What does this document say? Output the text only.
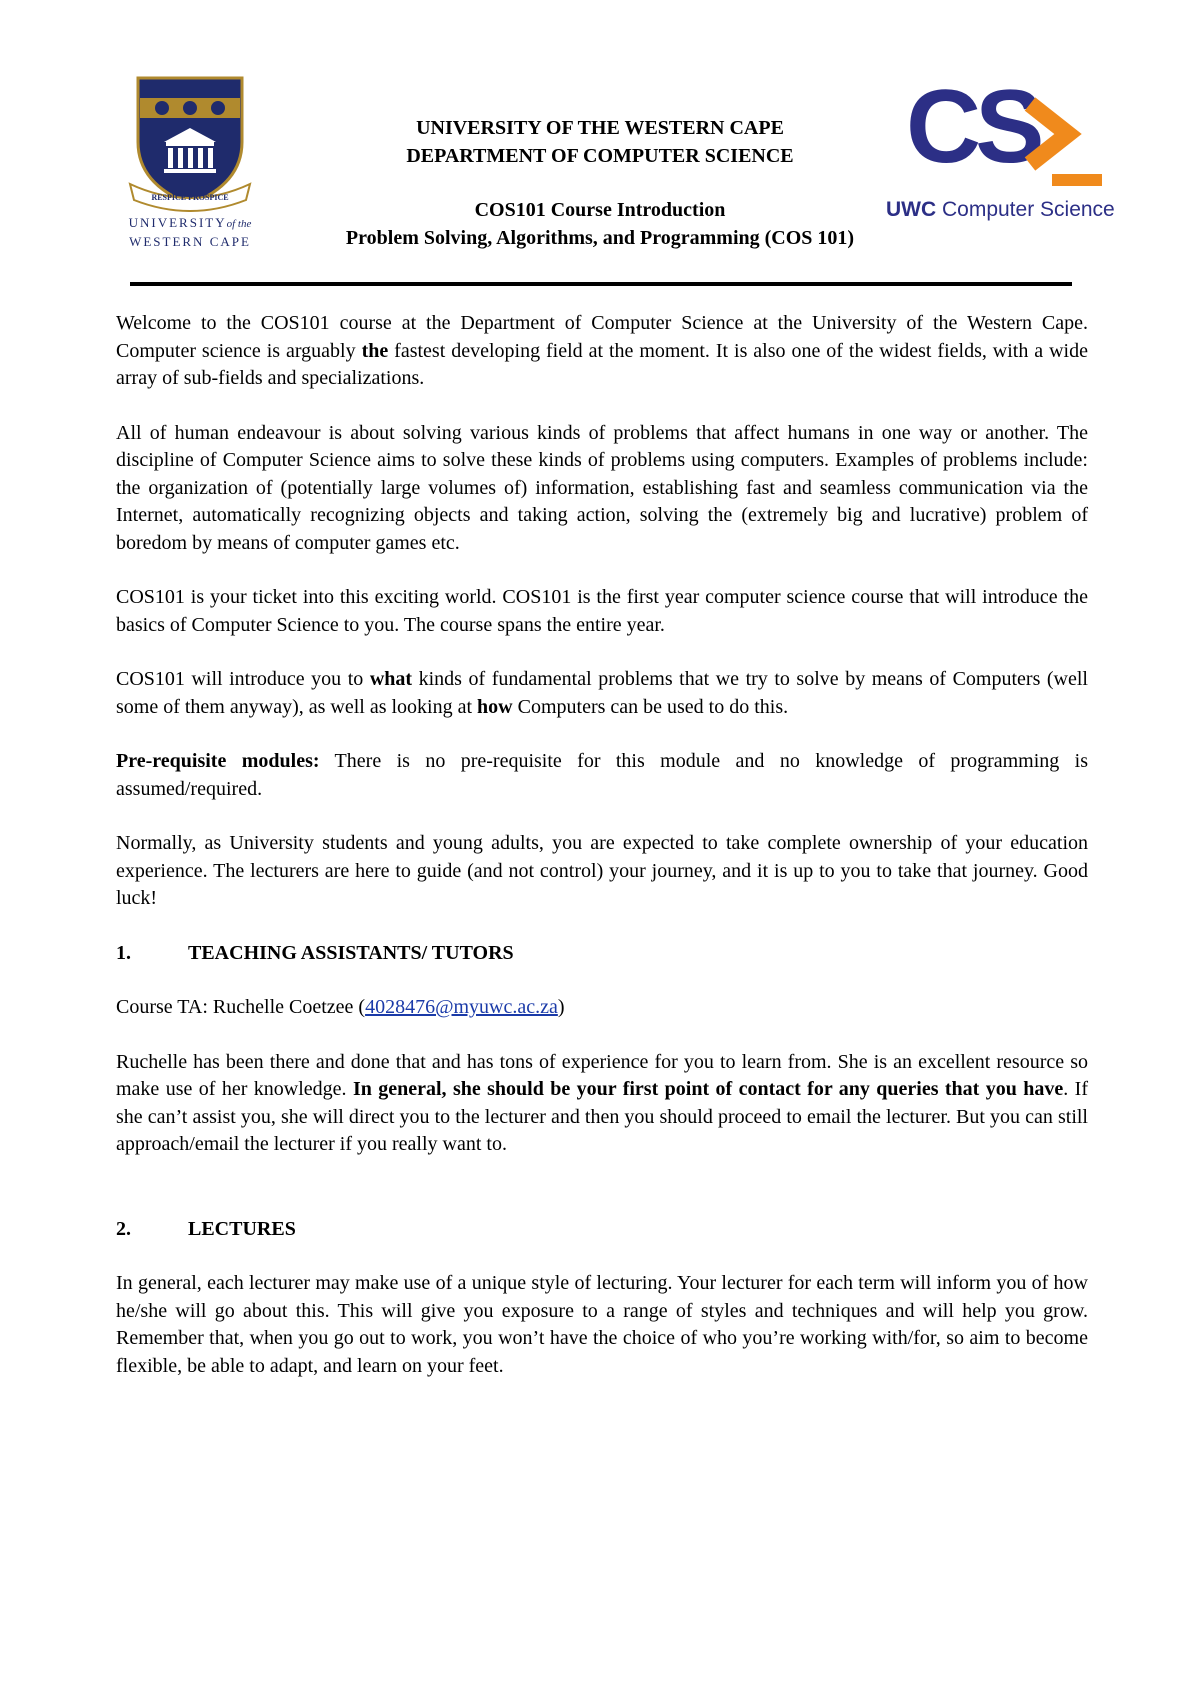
RESPICE PROSPICE
UNIVERSITYof the
WESTERN CAPE
UNIVERSITY OF THE WESTERN CAPE
DEPARTMENT OF COMPUTER SCIENCE
COS101 Course Introduction
Problem Solving, Algorithms, and Programming (COS 101)
CS
UWC Computer Science

Welcome to the COS101 course at the Department of Computer Science at the University of the Western Cape. Computer science is arguably the fastest developing field at the moment. It is also one of the widest fields, with a wide array of sub-fields and specializations.

All of human endeavour is about solving various kinds of problems that affect humans in one way or another. The discipline of Computer Science aims to solve these kinds of problems using computers. Examples of problems include: the organization of (potentially large volumes of) information, establishing fast and seamless communication via the Internet, automatically recognizing objects and taking action, solving the (extremely big and lucrative) problem of boredom by means of computer games etc.

COS101 is your ticket into this exciting world. COS101 is the first year computer science course that will introduce the basics of Computer Science to you. The course spans the entire year.

COS101 will introduce you to what kinds of fundamental problems that we try to solve by means of Computers (well some of them anyway), as well as looking at how Computers can be used to do this.

Pre-requisite modules: There is no pre-requisite for this module and no knowledge of programming is assumed/required.

Normally, as University students and young adults, you are expected to take complete ownership of your education experience. The lecturers are here to guide (and not control) your journey, and it is up to you to take that journey. Good luck!

1.	TEACHING ASSISTANTS/ TUTORS

Course TA: Ruchelle Coetzee (4028476@myuwc.ac.za)

Ruchelle has been there and done that and has tons of experience for you to learn from. She is an excellent resource so make use of her knowledge. In general, she should be your first point of contact for any queries that you have. If she can’t assist you, she will direct you to the lecturer and then you should proceed to email the lecturer. But you can still approach/email the lecturer if you really want to.

2.	LECTURES

In general, each lecturer may make use of a unique style of lecturing. Your lecturer for each term will inform you of how he/she will go about this. This will give you exposure to a range of styles and techniques and will help you grow. Remember that, when you go out to work, you won’t have the choice of who you’re working with/for, so aim to become flexible, be able to adapt, and learn on your feet.
